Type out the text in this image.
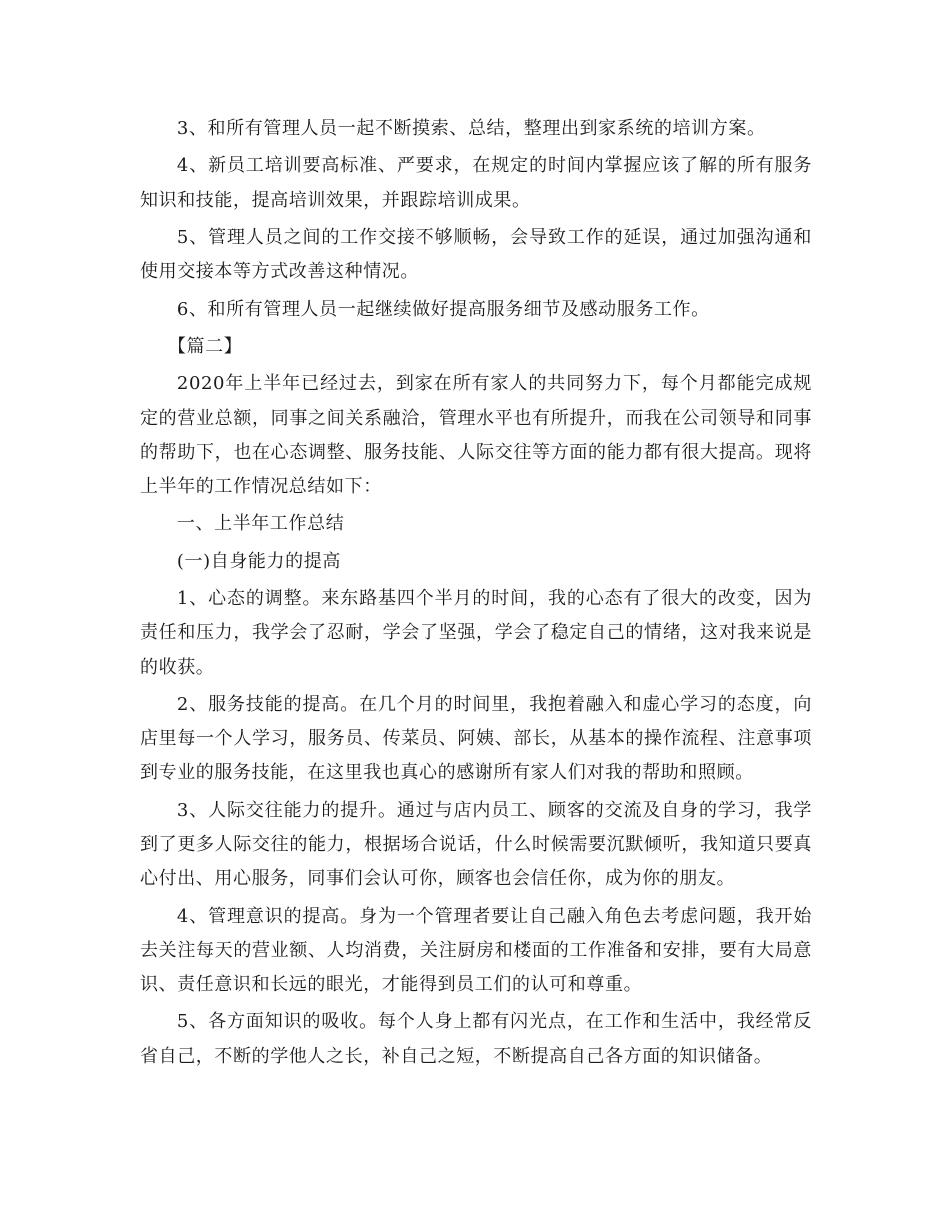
3、和所有管理人员一起不断摸索、总结，整理出到家系统的培训方案。

4、新员工培训要高标准、严要求，在规定的时间内掌握应该了解的所有服务知识和技能，提高培训效果，并跟踪培训成果。

5、管理人员之间的工作交接不够顺畅，会导致工作的延误，通过加强沟通和使用交接本等方式改善这种情况。

6、和所有管理人员一起继续做好提高服务细节及感动服务工作。

【篇二】

2020年上半年已经过去，到家在所有家人的共同努力下，每个月都能完成规定的营业总额，同事之间关系融洽，管理水平也有所提升，而我在公司领导和同事的帮助下，也在心态调整、服务技能、人际交往等方面的能力都有很大提高。现将上半年的工作情况总结如下：

一、上半年工作总结

(一)自身能力的提高

1、心态的调整。来东路基四个半月的时间，我的心态有了很大的改变，因为责任和压力，我学会了忍耐，学会了坚强，学会了稳定自己的情绪，这对我来说是的收获。

2、服务技能的提高。在几个月的时间里，我抱着融入和虚心学习的态度，向店里每一个人学习，服务员、传菜员、阿姨、部长，从基本的操作流程、注意事项到专业的服务技能，在这里我也真心的感谢所有家人们对我的帮助和照顾。

3、人际交往能力的提升。通过与店内员工、顾客的交流及自身的学习，我学到了更多人际交往的能力，根据场合说话，什么时候需要沉默倾听，我知道只要真心付出、用心服务，同事们会认可你，顾客也会信任你，成为你的朋友。

4、管理意识的提高。身为一个管理者要让自己融入角色去考虑问题，我开始去关注每天的营业额、人均消费，关注厨房和楼面的工作准备和安排，要有大局意识、责任意识和长远的眼光，才能得到员工们的认可和尊重。

5、各方面知识的吸收。每个人身上都有闪光点，在工作和生活中，我经常反省自己，不断的学他人之长，补自己之短，不断提高自己各方面的知识储备。
